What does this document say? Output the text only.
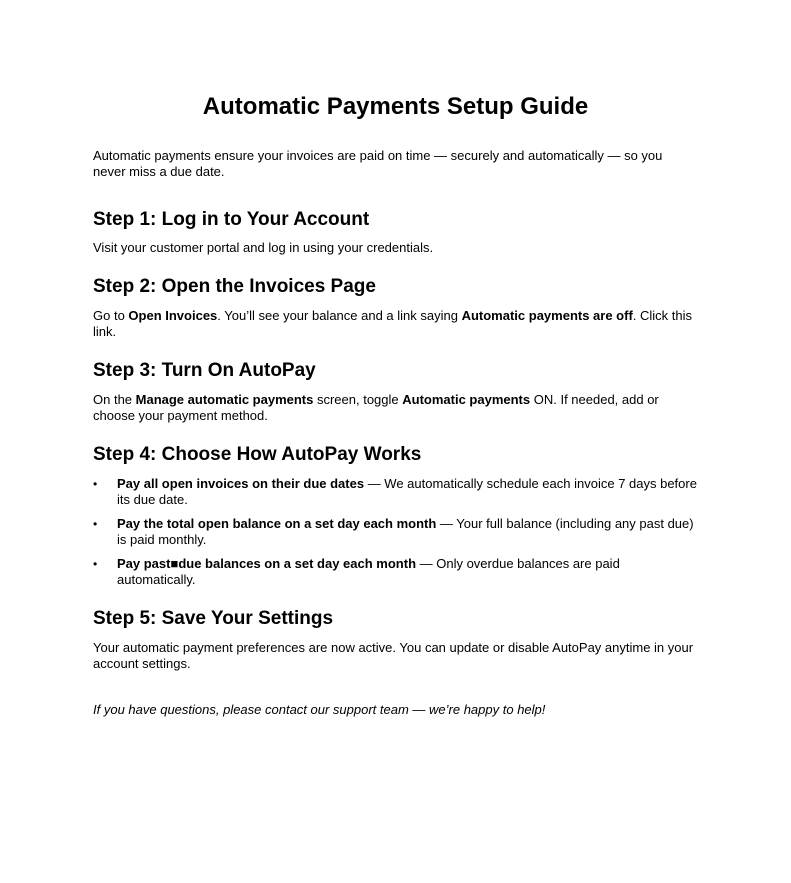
Automatic Payments Setup Guide

Automatic payments ensure your invoices are paid on time — securely and automatically — so you never miss a due date.

Step 1: Log in to Your Account

Visit your customer portal and log in using your credentials.

Step 2: Open the Invoices Page

Go to Open Invoices. You’ll see your balance and a link saying Automatic payments are off. Click this link.

Step 3: Turn On AutoPay

On the Manage automatic payments screen, toggle Automatic payments ON. If needed, add or choose your payment method.

Step 4: Choose How AutoPay Works
• Pay all open invoices on their due dates — We automatically schedule each invoice 7 days before its due date.
• Pay the total open balance on a set day each month — Your full balance (including any past due) is paid monthly.
• Pay past■due balances on a set day each month — Only overdue balances are paid automatically.
Step 5: Save Your Settings

Your automatic payment preferences are now active. You can update or disable AutoPay anytime in your account settings.

If you have questions, please contact our support team — we’re happy to help!
